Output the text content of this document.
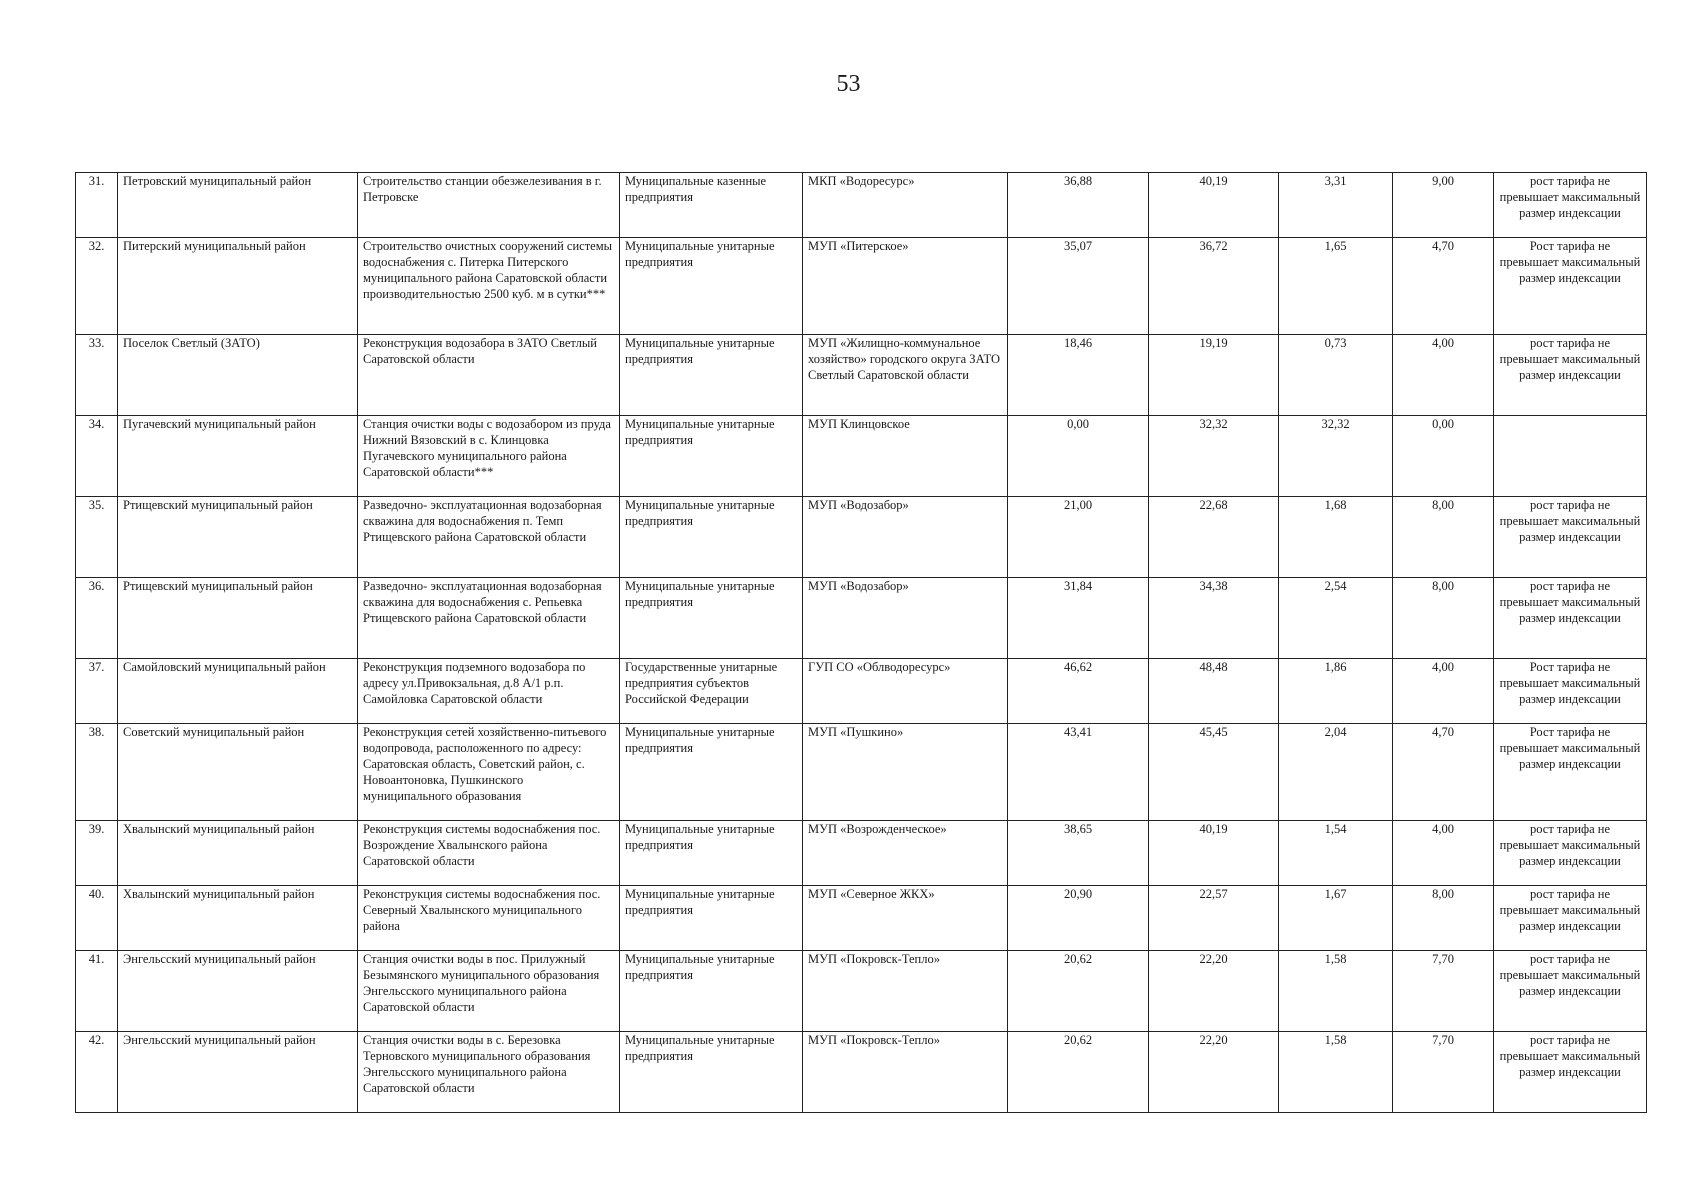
53
31.	Петровский муниципальный район	Строительство станции обезжелезивания в г. Петровске	Муниципальные казенные предприятия	МКП «Водоресурс»	36,88	40,19	3,31	9,00	рост тарифа не превышает максимальный размер индексации
32.	Питерский муниципальный район	Строительство очистных сооружений системы водоснабжения с. Питерка Питерского муниципального района Саратовской области производительностью 2500 куб. м в сутки***	Муниципальные унитарные предприятия	МУП «Питерское»	35,07	36,72	1,65	4,70	Рост тарифа не превышает максимальный размер индексации
33.	Поселок Светлый (ЗАТО)	Реконструкция водозабора в ЗАТО Светлый Саратовской области	Муниципальные унитарные предприятия	МУП «Жилищно-коммунальное хозяйство» городского округа ЗАТО Светлый Саратовской области	18,46	19,19	0,73	4,00	рост тарифа не превышает максимальный размер индексации
34.	Пугачевский муниципальный район	Станция очистки воды с водозабором из пруда Нижний Вязовский в с. Клинцовка Пугачевского муниципального района Саратовской области***	Муниципальные унитарные предприятия	МУП Клинцовское	0,00	32,32	32,32	0,00	
35.	Ртищевский муниципальный район	Разведочно- эксплуатационная водозаборная скважина для водоснабжения п. Темп Ртищевского района Саратовской области	Муниципальные унитарные предприятия	МУП «Водозабор»	21,00	22,68	1,68	8,00	рост тарифа не превышает максимальный размер индексации
36.	Ртищевский муниципальный район	Разведочно- эксплуатационная водозаборная скважина для водоснабжения с. Репьевка Ртищевского района Саратовской области	Муниципальные унитарные предприятия	МУП «Водозабор»	31,84	34,38	2,54	8,00	рост тарифа не превышает максимальный размер индексации
37.	Самойловский муниципальный район	Реконструкция подземного водозабора по адресу ул.Привокзальная, д.8 А/1 р.п. Самойловка Саратовской области	Государственные унитарные предприятия субъектов Российской Федерации	ГУП СО «Облводоресурс»	46,62	48,48	1,86	4,00	Рост тарифа не превышает максимальный размер индексации
38.	Советский муниципальный район	Реконструкция сетей хозяйственно-питьевого водопровода, расположенного по адресу: Саратовская область, Советский район, с. Новоантоновка, Пушкинского муниципального образования	Муниципальные унитарные предприятия	МУП «Пушкино»	43,41	45,45	2,04	4,70	Рост тарифа не превышает максимальный размер индексации
39.	Хвалынский муниципальный район	Реконструкция системы водоснабжения пос. Возрождение Хвалынского района Саратовской области	Муниципальные унитарные предприятия	МУП «Возрожденческое»	38,65	40,19	1,54	4,00	рост тарифа не превышает максимальный размер индексации
40.	Хвалынский муниципальный район	Реконструкция системы водоснабжения пос. Северный Хвалынского муниципального района	Муниципальные унитарные предприятия	МУП «Северное ЖКХ»	20,90	22,57	1,67	8,00	рост тарифа не превышает максимальный размер индексации
41.	Энгельсский муниципальный район	Станция очистки воды в пос. Прилужный Безымянского муниципального образования Энгельсского муниципального района Саратовской области	Муниципальные унитарные предприятия	МУП «Покровск-Тепло»	20,62	22,20	1,58	7,70	рост тарифа не превышает максимальный размер индексации
42.	Энгельсский муниципальный район	Станция очистки воды в с. Березовка Терновского муниципального образования Энгельсского муниципального района Саратовской области	Муниципальные унитарные предприятия	МУП «Покровск-Тепло»	20,62	22,20	1,58	7,70	рост тарифа не превышает максимальный размер индексации
